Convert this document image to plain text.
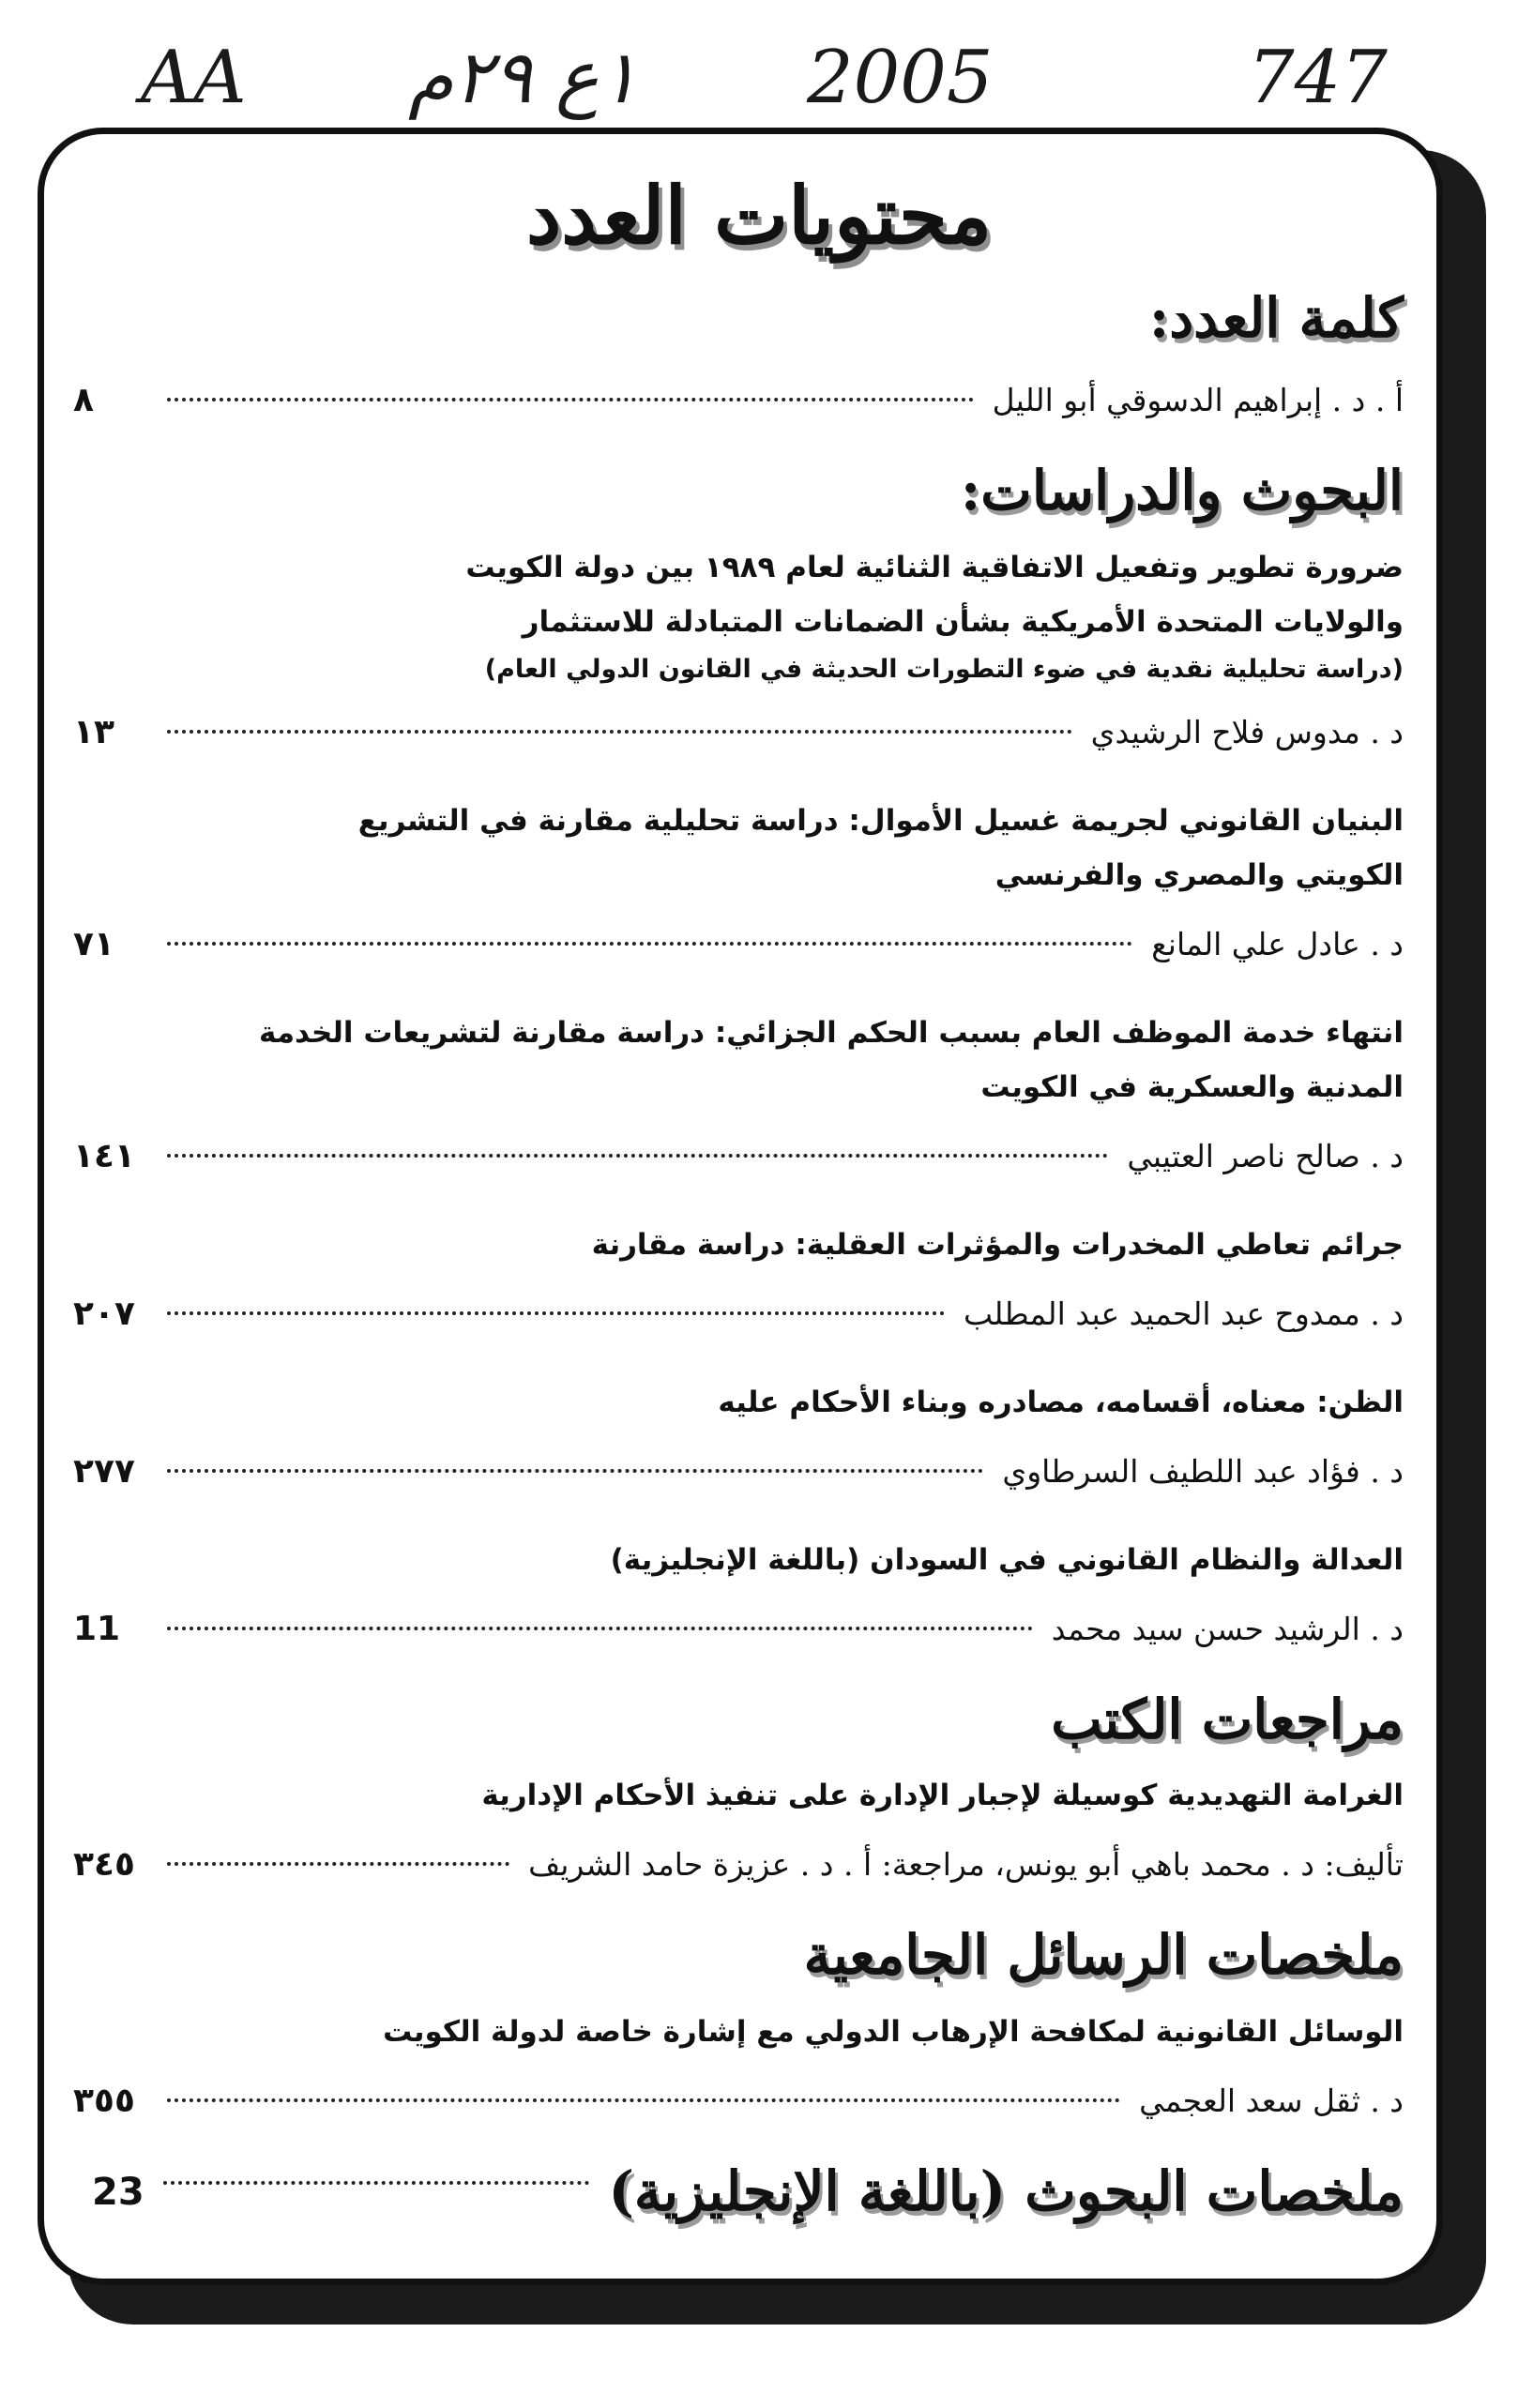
AA ١ع ٢٩م 2005	747
محتويات العدد
كلمة العدد:
أ . د . إبراهيم الدسوقي أبو الليل
٨
البحوث والدراسات:
ضرورة تطوير وتفعيل الاتفاقية الثنائية لعام ١٩٨٩ بين دولة الكويت
والولايات المتحدة الأمريكية بشأن الضمانات المتبادلة للاستثمار
(دراسة تحليلية نقدية في ضوء التطورات الحديثة في القانون الدولي العام)
د . مدوس فلاح الرشيدي
١٣
البنيان القانوني لجريمة غسيل الأموال: دراسة تحليلية مقارنة في التشريع
الكويتي والمصري والفرنسي
د . عادل علي المانع
٧١
انتهاء خدمة الموظف العام بسبب الحكم الجزائي: دراسة مقارنة لتشريعات الخدمة
المدنية والعسكرية في الكويت
د . صالح ناصر العتيبي
١٤١
جرائم تعاطي المخدرات والمؤثرات العقلية: دراسة مقارنة
د . ممدوح عبد الحميد عبد المطلب
٢٠٧
الظن: معناه، أقسامه، مصادره وبناء الأحكام عليه
د . فؤاد عبد اللطيف السرطاوي
٢٧٧
العدالة والنظام القانوني في السودان (باللغة الإنجليزية)
د . الرشيد حسن سيد محمد
11
مراجعات الكتب
الغرامة التهديدية كوسيلة لإجبار الإدارة على تنفيذ الأحكام الإدارية
تأليف: د . محمد باهي أبو يونس، مراجعة: أ . د . عزيزة حامد الشريف
٣٤٥
ملخصات الرسائل الجامعية
الوسائل القانونية لمكافحة الإرهاب الدولي مع إشارة خاصة لدولة الكويت
د . ثقل سعد العجمي
٣٥٥
ملخصات البحوث (باللغة الإنجليزية)
23
